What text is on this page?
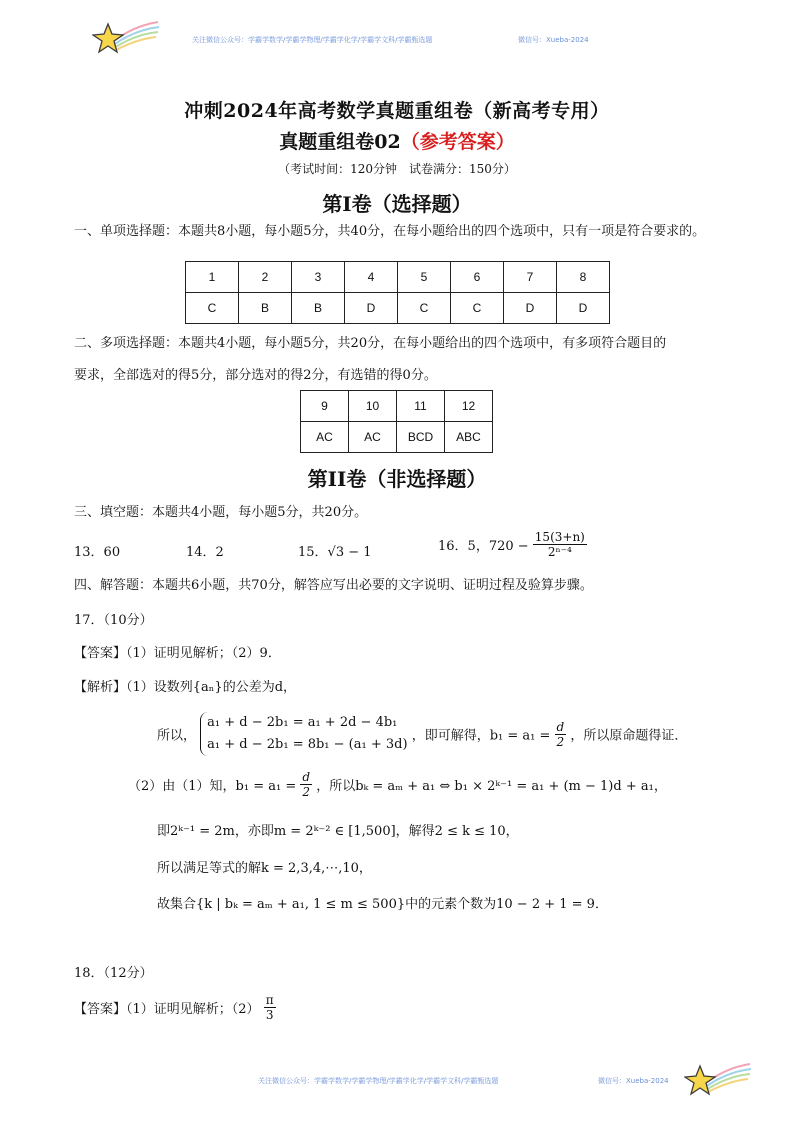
关注微信公众号：学霸学数学/学霸学物理/学霸学化学/学霸学文科/学霸甄选题	微信号：Xueba-2024
冲刺2024年高考数学真题重组卷（新高考专用）
真题重组卷02（参考答案）
（考试时间：120分钟　试卷满分：150分）
第I卷（选择题）
一、单项选择题：本题共8小题，每小题5分，共40分，在每小题给出的四个选项中，只有一项是符合要求的。
1	2	3	4	5	6	7	8
C	B	B	D	C	C	D	D
二、多项选择题：本题共4小题，每小题5分，共20分，在每小题给出的四个选项中，有多项符合题目的
要求，全部选对的得5分，部分选对的得2分，有选错的得0分。
9	10	11	12
AC	AC	BCD	ABC
第II卷（非选择题）
三、填空题：本题共4小题，每小题5分，共20分。
13．60	14．2	15．√3 − 1	16．5，$720 - \frac{15(3+n)}{\text{2ⁿ⁻⁴}}$
四、解答题：本题共6小题，共70分，解答应写出必要的文字说明、证明过程及验算步骤。
17．（10分）
【答案】（1）证明见解析；（2）9．
【解析】（1）设数列{aₙ}的公差为d，
所以，
a₁ + d − 2b₁ = a₁ + 2d − 4b₁
a₁ + d − 2b₁ = 8b₁ − (a₁ + 3d)
，即可解得，$b_1 = a_1 = \frac{d}{2}$ ，所以原命题得证．
（2）由（1）知，$b_1 = a_1 = \frac{d}{2}$ ，所以bₖ = aₘ + a₁ ⇔ b₁ × 2ᵏ⁻¹ = a₁ + (m − 1)d + a₁，
即2ᵏ⁻¹ = 2m，亦即m = 2ᵏ⁻² ∈ [1,500]，解得2 ≤ k ≤ 10，
所以满足等式的解k = 2,3,4,⋯,10，
故集合{k | bₖ = aₘ + a₁, 1 ≤ m ≤ 500}中的元素个数为10 − 2 + 1 = 9．
18．（12分）
【答案】（1）证明见解析；$(2) \frac{\pi}{3}$
关注微信公众号：学霸学数学/学霸学物理/学霸学化学/学霸学文科/学霸甄选题	微信号：Xueba-2024
